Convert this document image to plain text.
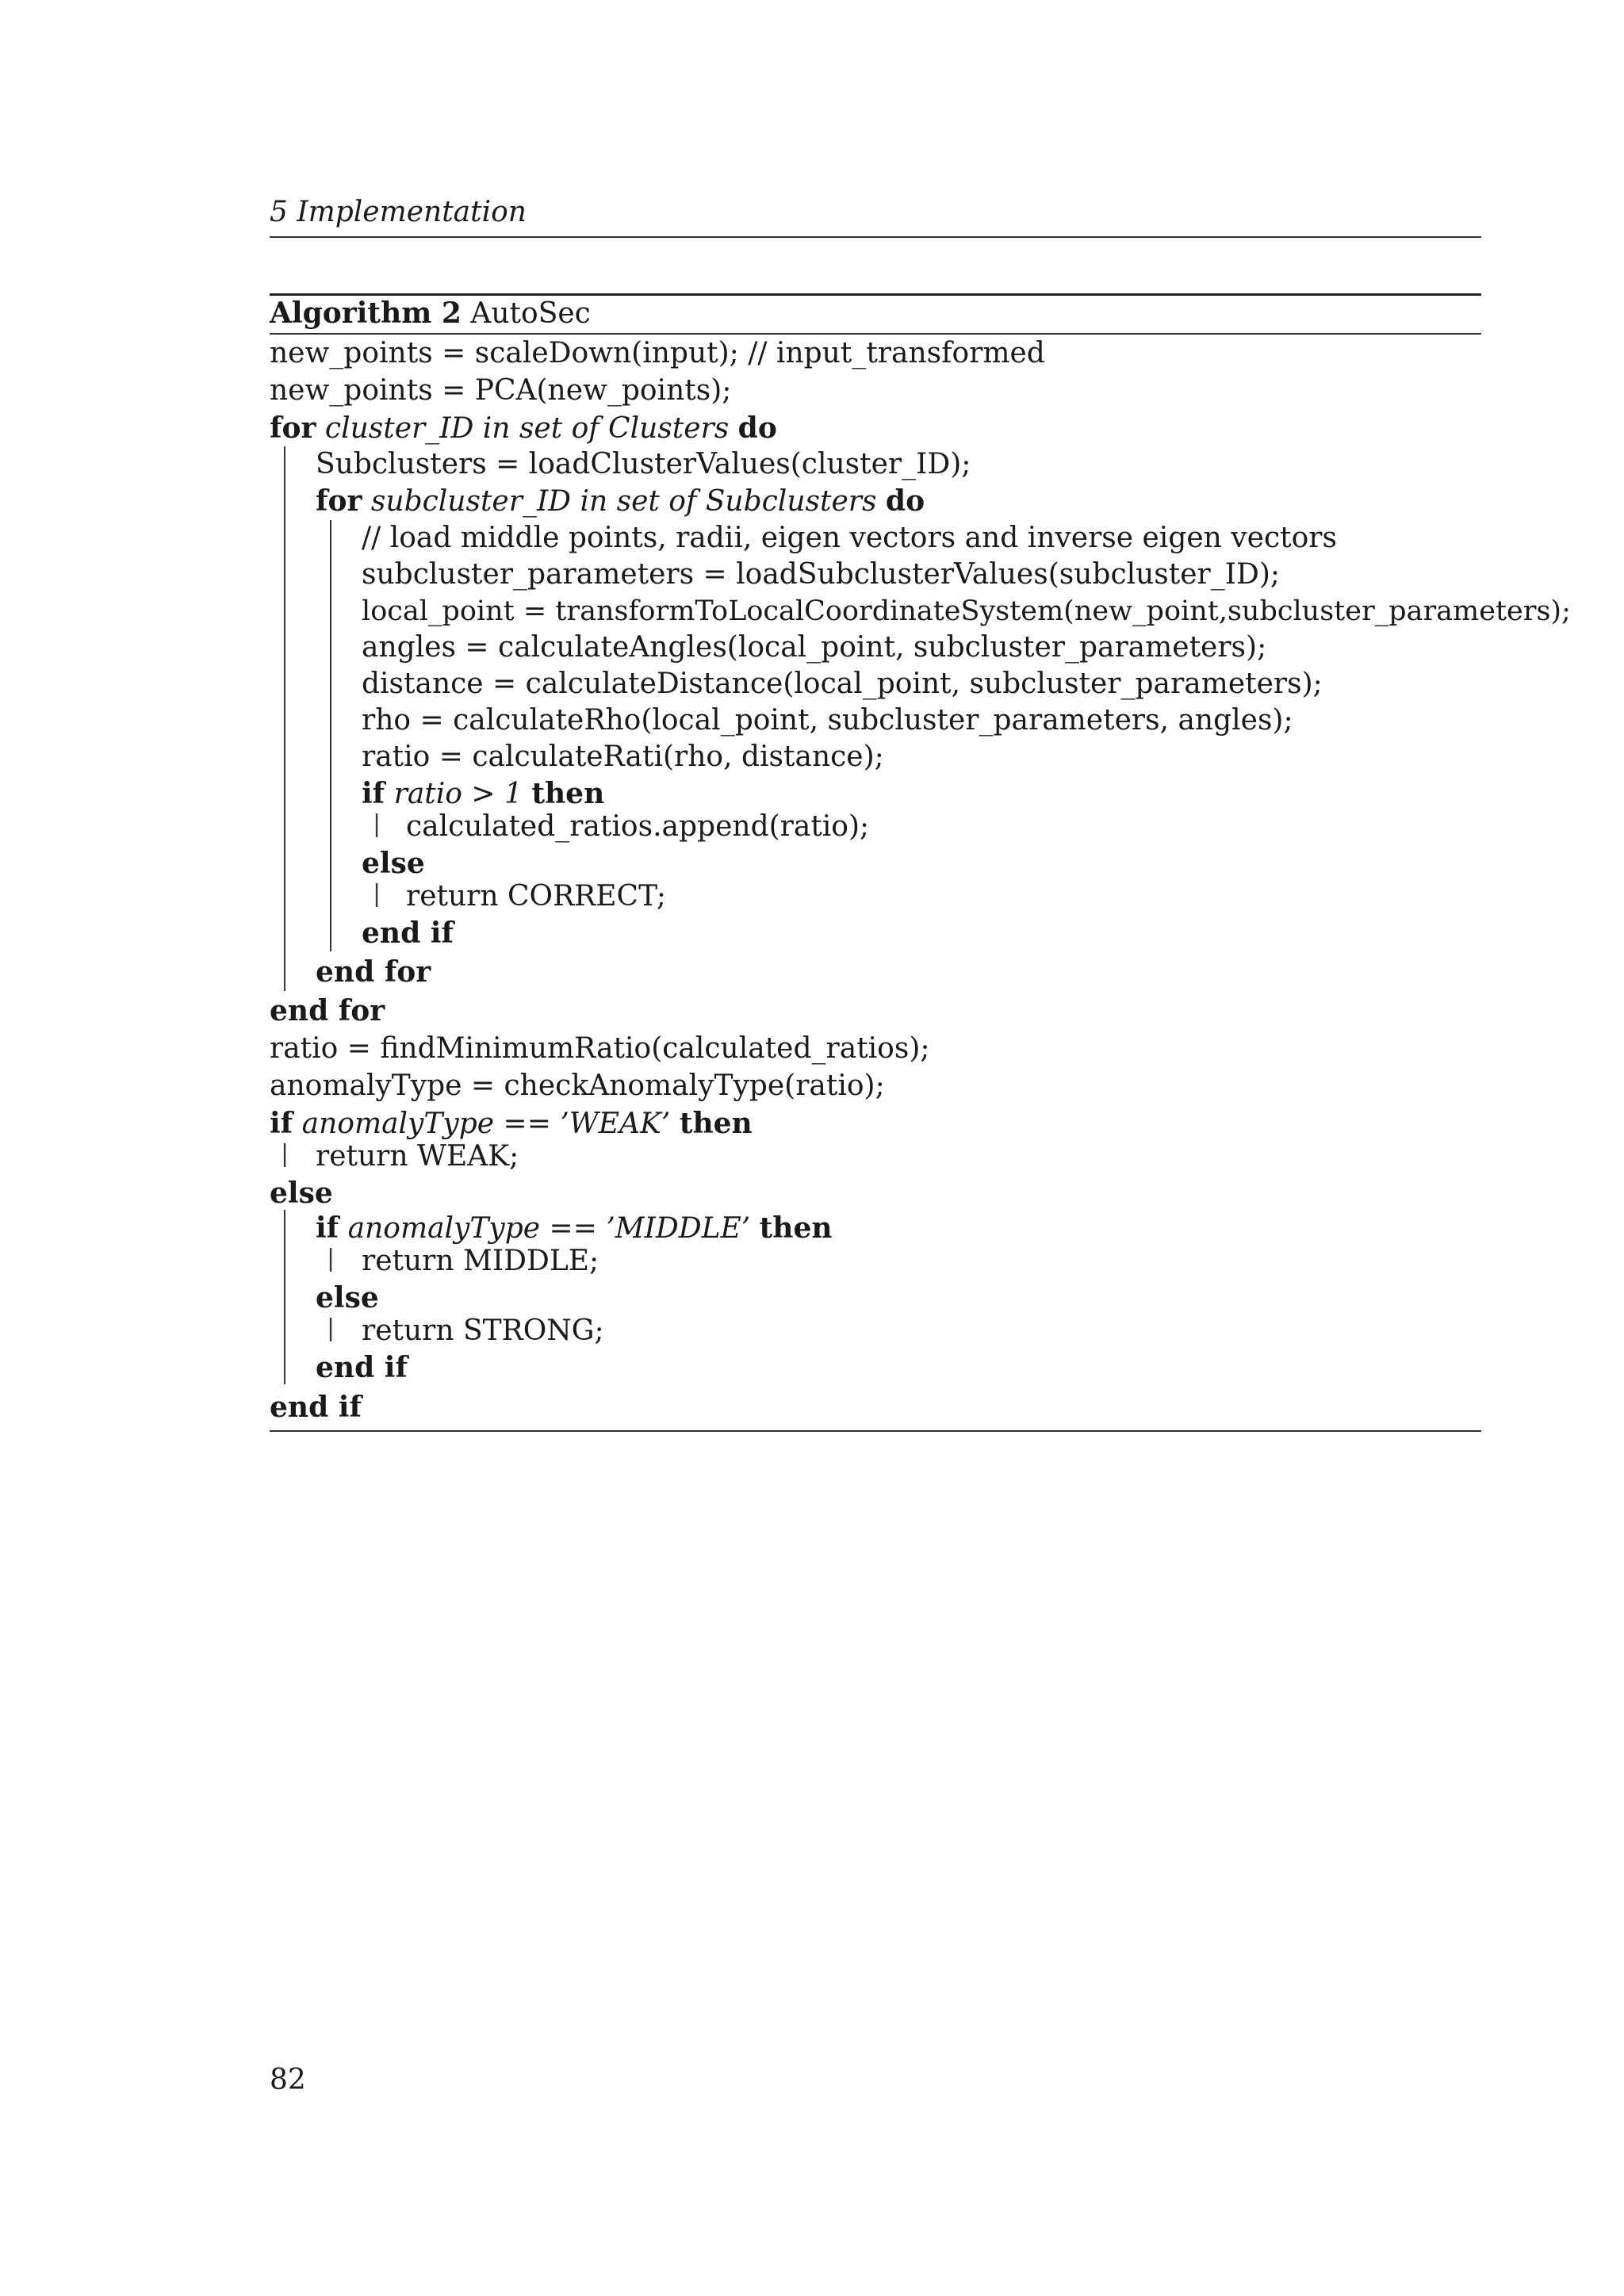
5 Implementation
Algorithm 2 AutoSec
|
|
|
|
|
new_points = scaleDown(input); // input_transformed
new_points = PCA(new_points);
for cluster_ID in set of Clusters do
Subclusters = loadClusterValues(cluster_ID);
for subcluster_ID in set of Subclusters do
// load middle points, radii, eigen vectors and inverse eigen vectors
subcluster_parameters = loadSubclusterValues(subcluster_ID);
local_point = transformToLocalCoordinateSystem(new_point,subcluster_parameters);
angles = calculateAngles(local_point, subcluster_parameters);
distance = calculateDistance(local_point, subcluster_parameters);
rho = calculateRho(local_point, subcluster_parameters, angles);
ratio = calculateRati(rho, distance);
if ratio > 1 then
calculated_ratios.append(ratio);
else
return CORRECT;
end if
end for
end for
ratio = findMinimumRatio(calculated_ratios);
anomalyType = checkAnomalyType(ratio);
if anomalyType == ’WEAK’ then
return WEAK;
else
if anomalyType == ’MIDDLE’ then
return MIDDLE;
else
return STRONG;
end if
end if
82
